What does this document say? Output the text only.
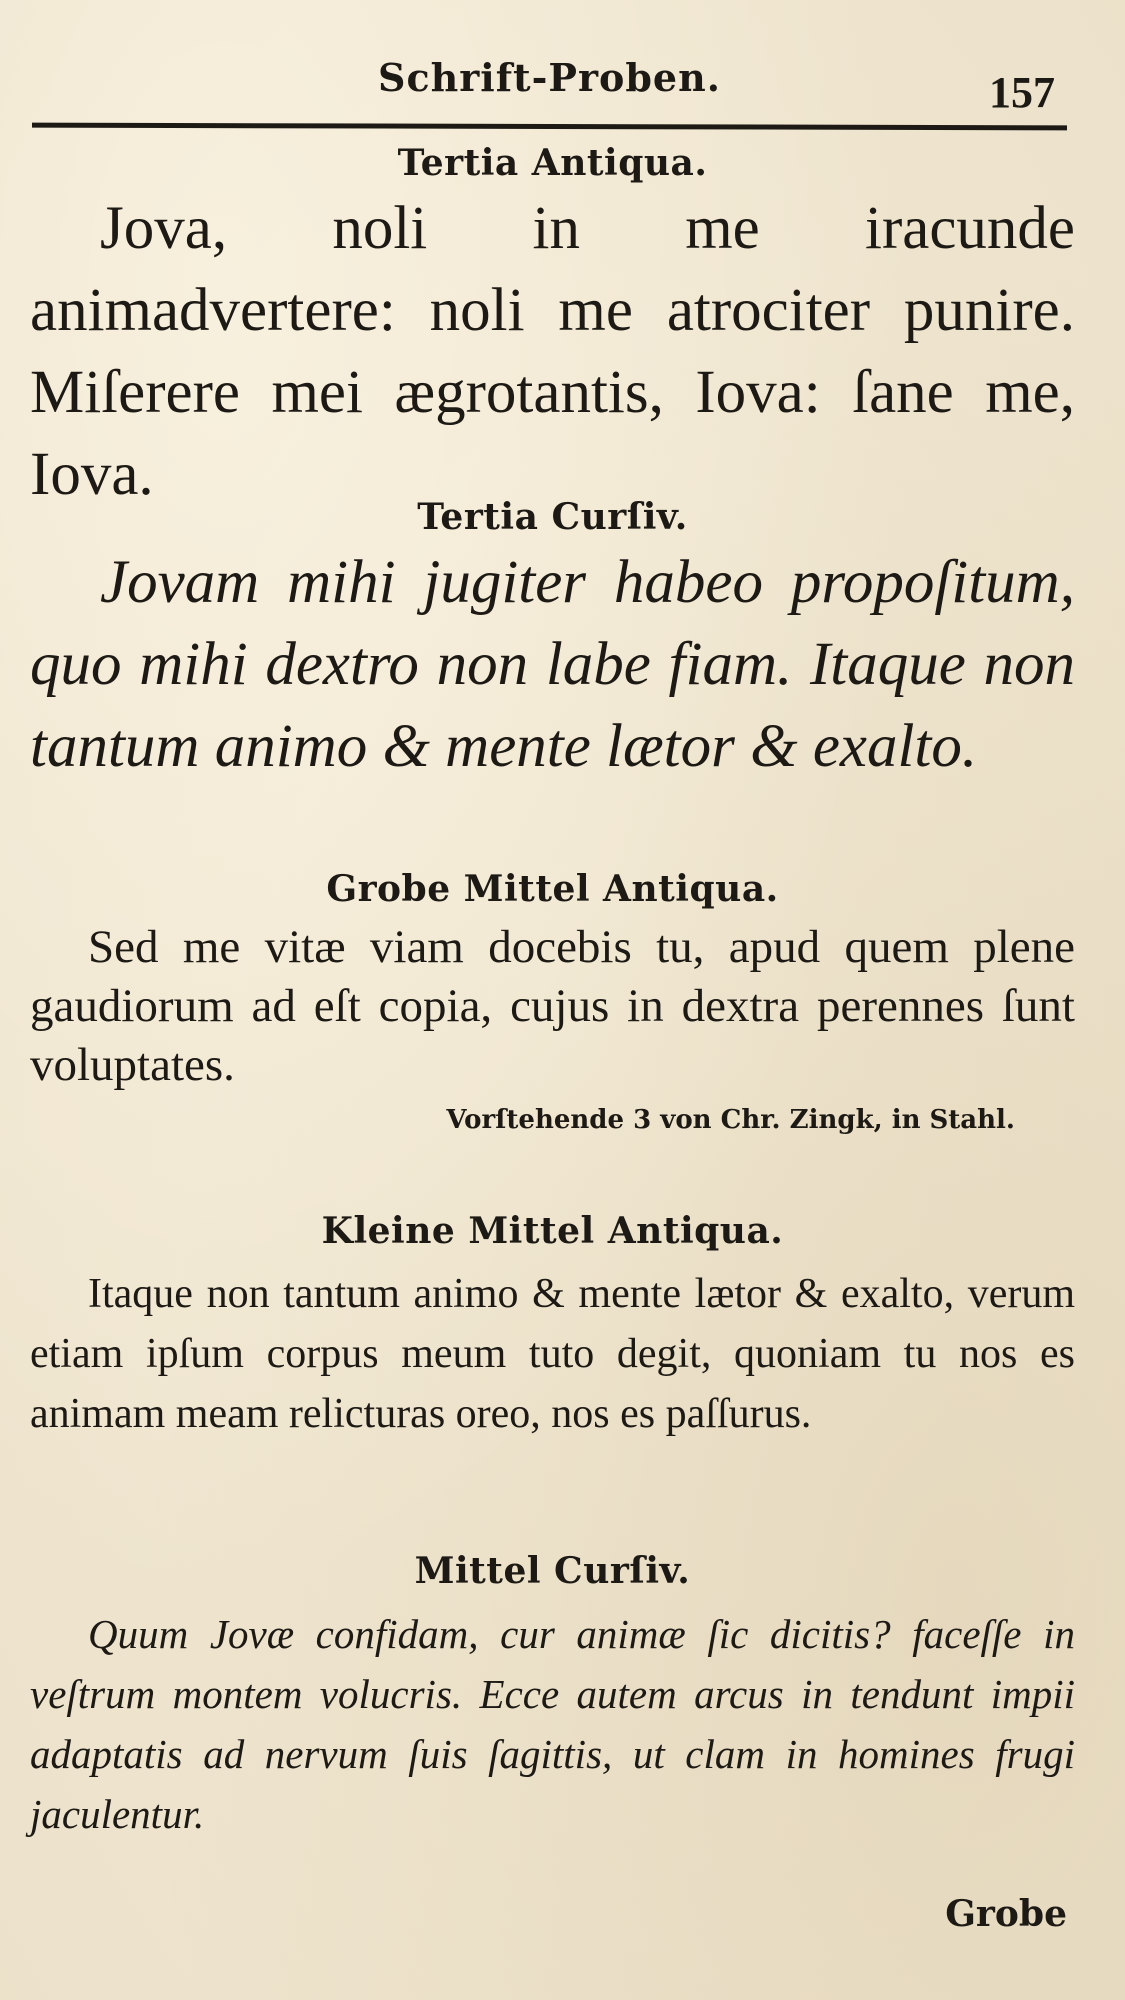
Schrift-Proben.	157
Tertia Antiqua.
Jova, noli in me iracunde animadvertere: noli me atrociter punire. Miſerere mei ægrotantis, Iova: ſane me, Iova.
Tertia Curſiv.
Jovam mihi jugiter habeo propoſitum, quo mihi dextro non labe fiam. Itaque non tantum animo & mente lætor & exalto.
Grobe Mittel Antiqua.
Sed me vitæ viam docebis tu, apud quem plene gaudiorum ad eſt copia, cujus in dextra perennes ſunt voluptates.
Vorſtehende 3 von Chr. Zingk, in Stahl.
Kleine Mittel Antiqua.
Itaque non tantum animo & mente lætor & exalto, verum etiam ipſum corpus meum tuto degit, quoniam tu nos es animam meam relicturas oreo, nos es paſſurus.
Mittel Curſiv.
Quum Jovæ confidam, cur animæ ſic dicitis? faceſſe in veſtrum montem volucris. Ecce autem arcus in tendunt impii adaptatis ad nervum ſuis ſagittis, ut clam in homines frugi jaculentur.
Grobe
